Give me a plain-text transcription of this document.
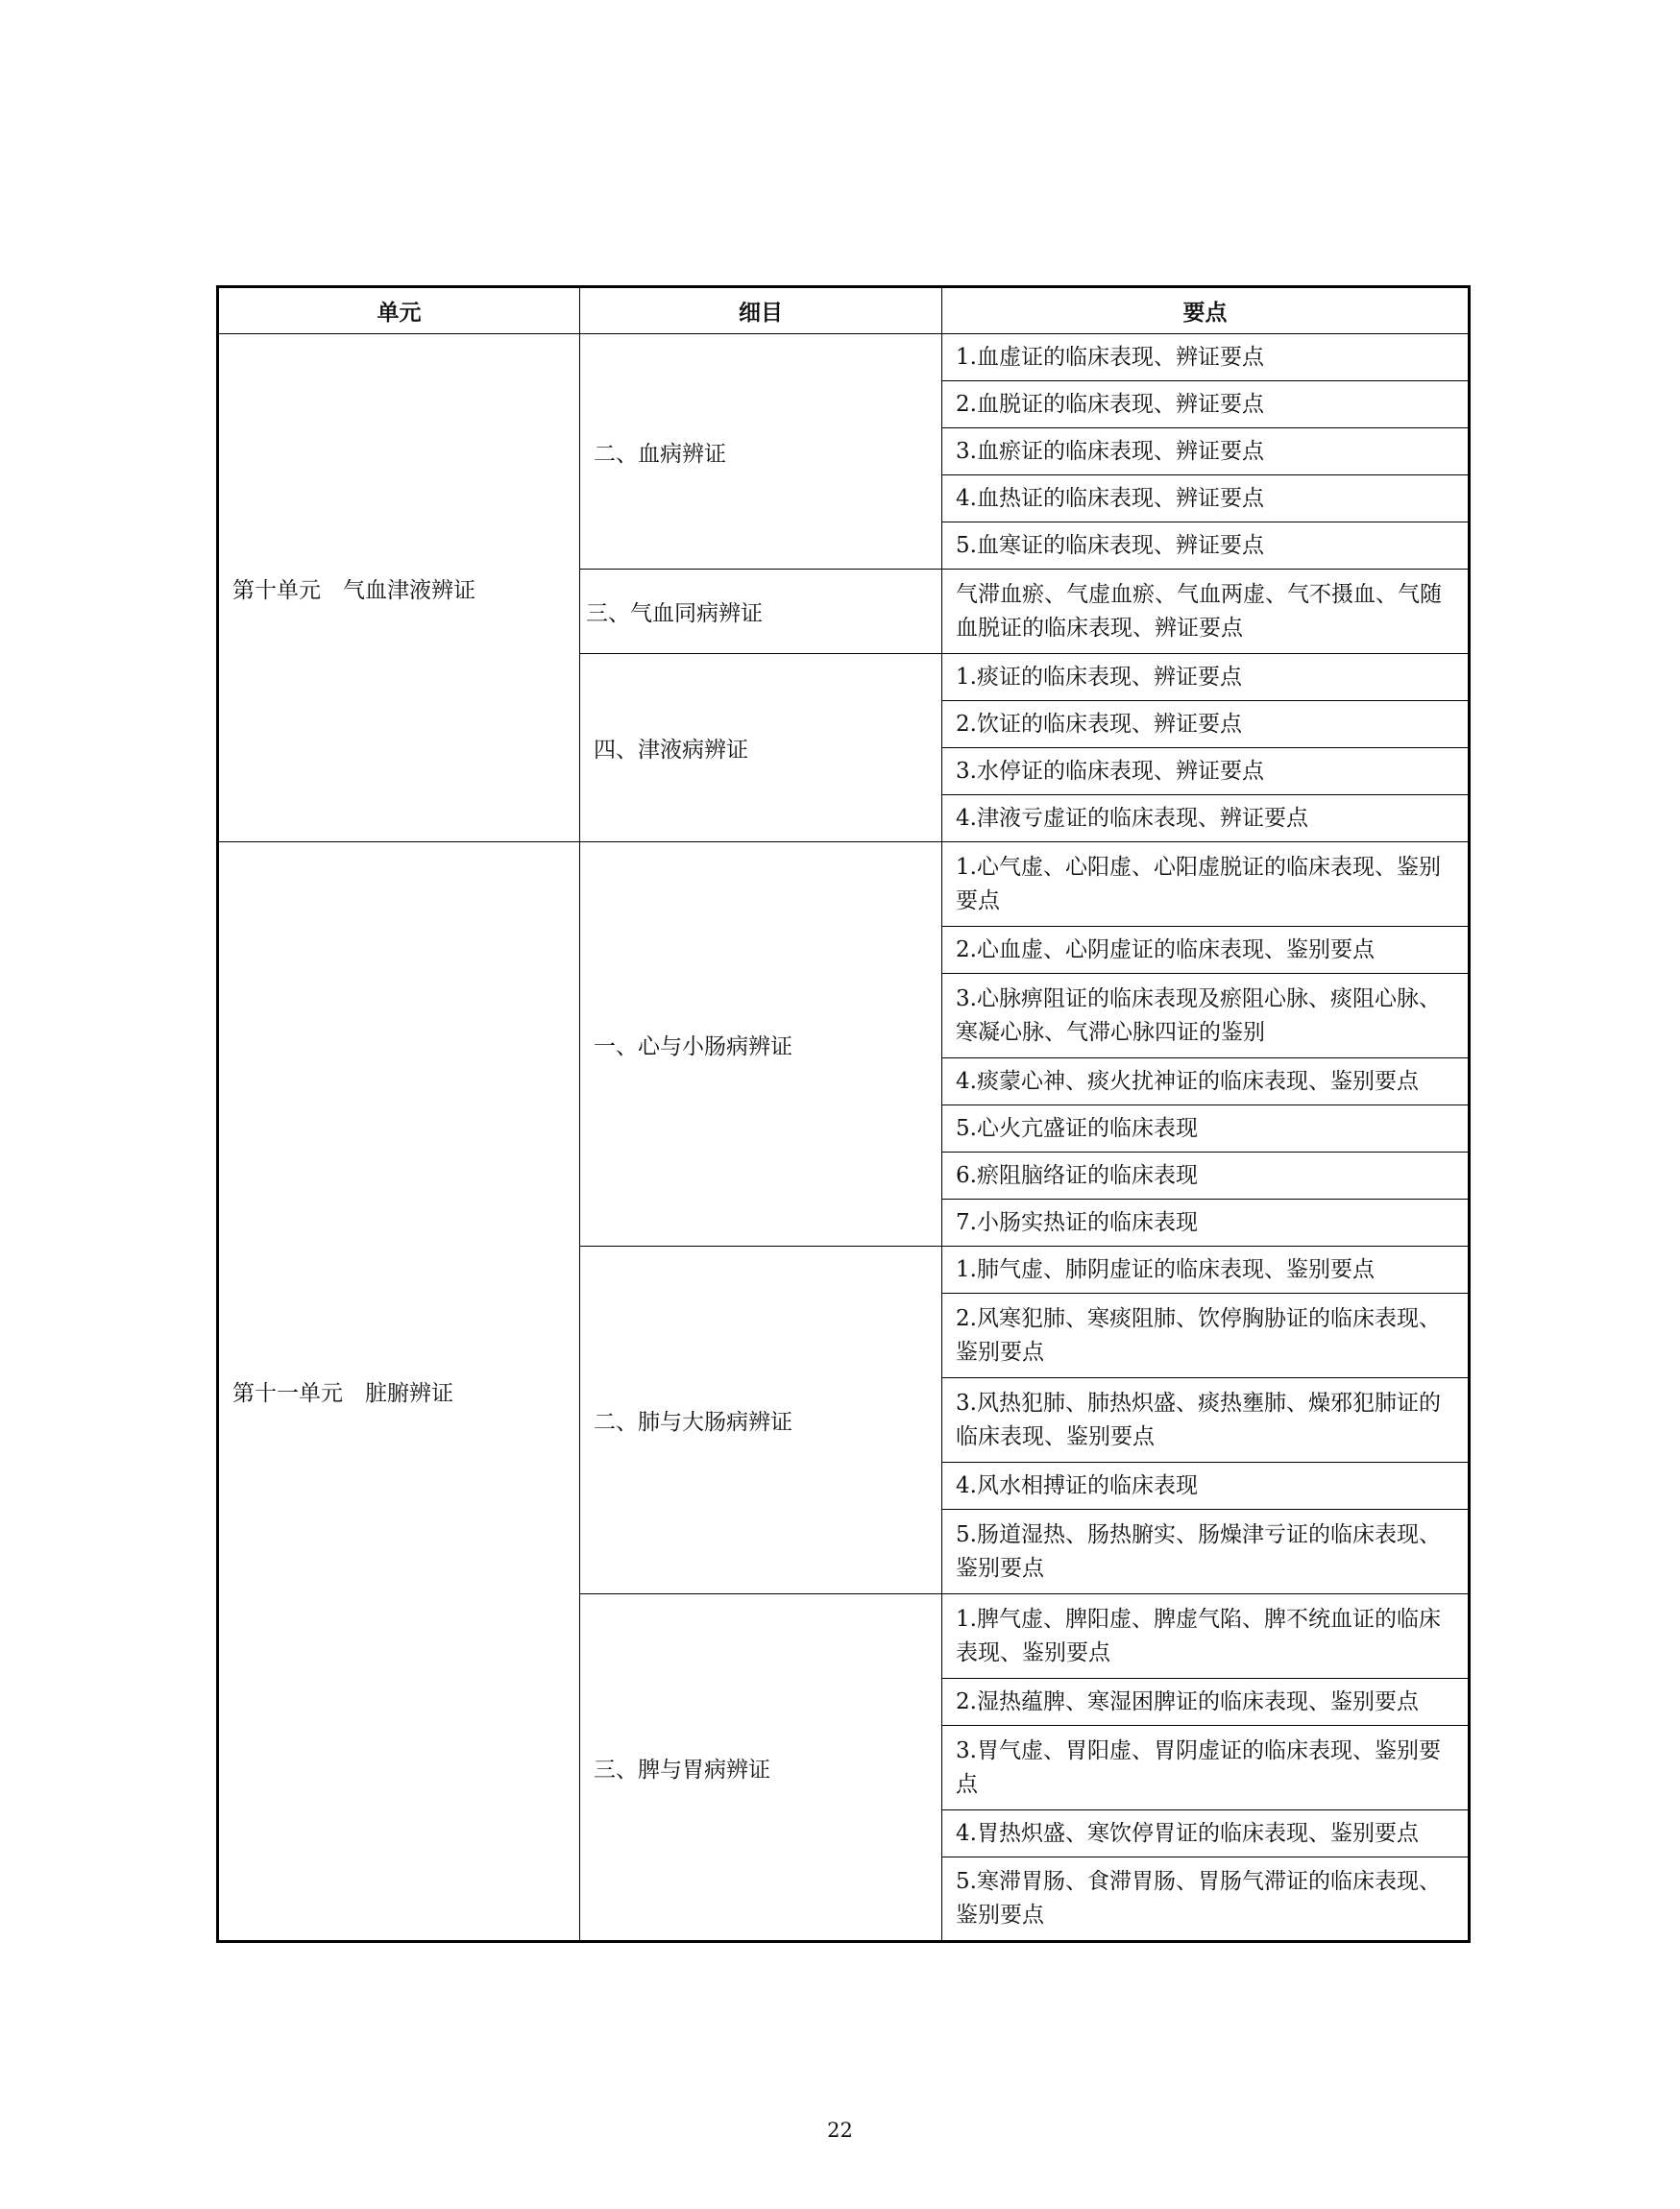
单元	细目	要点
第十单元　气血津液辨证	二、血病辨证	1.血虚证的临床表现、辨证要点
		2.血脱证的临床表现、辨证要点
		3.血瘀证的临床表现、辨证要点
		4.血热证的临床表现、辨证要点
		5.血寒证的临床表现、辨证要点
	三、气血同病辨证	气滞血瘀、气虚血瘀、气血两虚、气不摄血、气随血脱证的临床表现、辨证要点
	四、津液病辨证	1.痰证的临床表现、辨证要点
		2.饮证的临床表现、辨证要点
		3.水停证的临床表现、辨证要点
		4.津液亏虚证的临床表现、辨证要点
第十一单元　脏腑辨证	一、心与小肠病辨证	1.心气虚、心阳虚、心阳虚脱证的临床表现、鉴别要点
		2.心血虚、心阴虚证的临床表现、鉴别要点
		3.心脉痹阻证的临床表现及瘀阻心脉、痰阻心脉、寒凝心脉、气滞心脉四证的鉴别
		4.痰蒙心神、痰火扰神证的临床表现、鉴别要点
		5.心火亢盛证的临床表现
		6.瘀阻脑络证的临床表现
		7.小肠实热证的临床表现
	二、肺与大肠病辨证	1.肺气虚、肺阴虚证的临床表现、鉴别要点
		2.风寒犯肺、寒痰阻肺、饮停胸胁证的临床表现、鉴别要点
		3.风热犯肺、肺热炽盛、痰热壅肺、燥邪犯肺证的临床表现、鉴别要点
		4.风水相搏证的临床表现
		5.肠道湿热、肠热腑实、肠燥津亏证的临床表现、鉴别要点
	三、脾与胃病辨证	1.脾气虚、脾阳虚、脾虚气陷、脾不统血证的临床表现、鉴别要点
		2.湿热蕴脾、寒湿困脾证的临床表现、鉴别要点
		3.胃气虚、胃阳虚、胃阴虚证的临床表现、鉴别要点
		4.胃热炽盛、寒饮停胃证的临床表现、鉴别要点
		5.寒滞胃肠、食滞胃肠、胃肠气滞证的临床表现、鉴别要点
22
